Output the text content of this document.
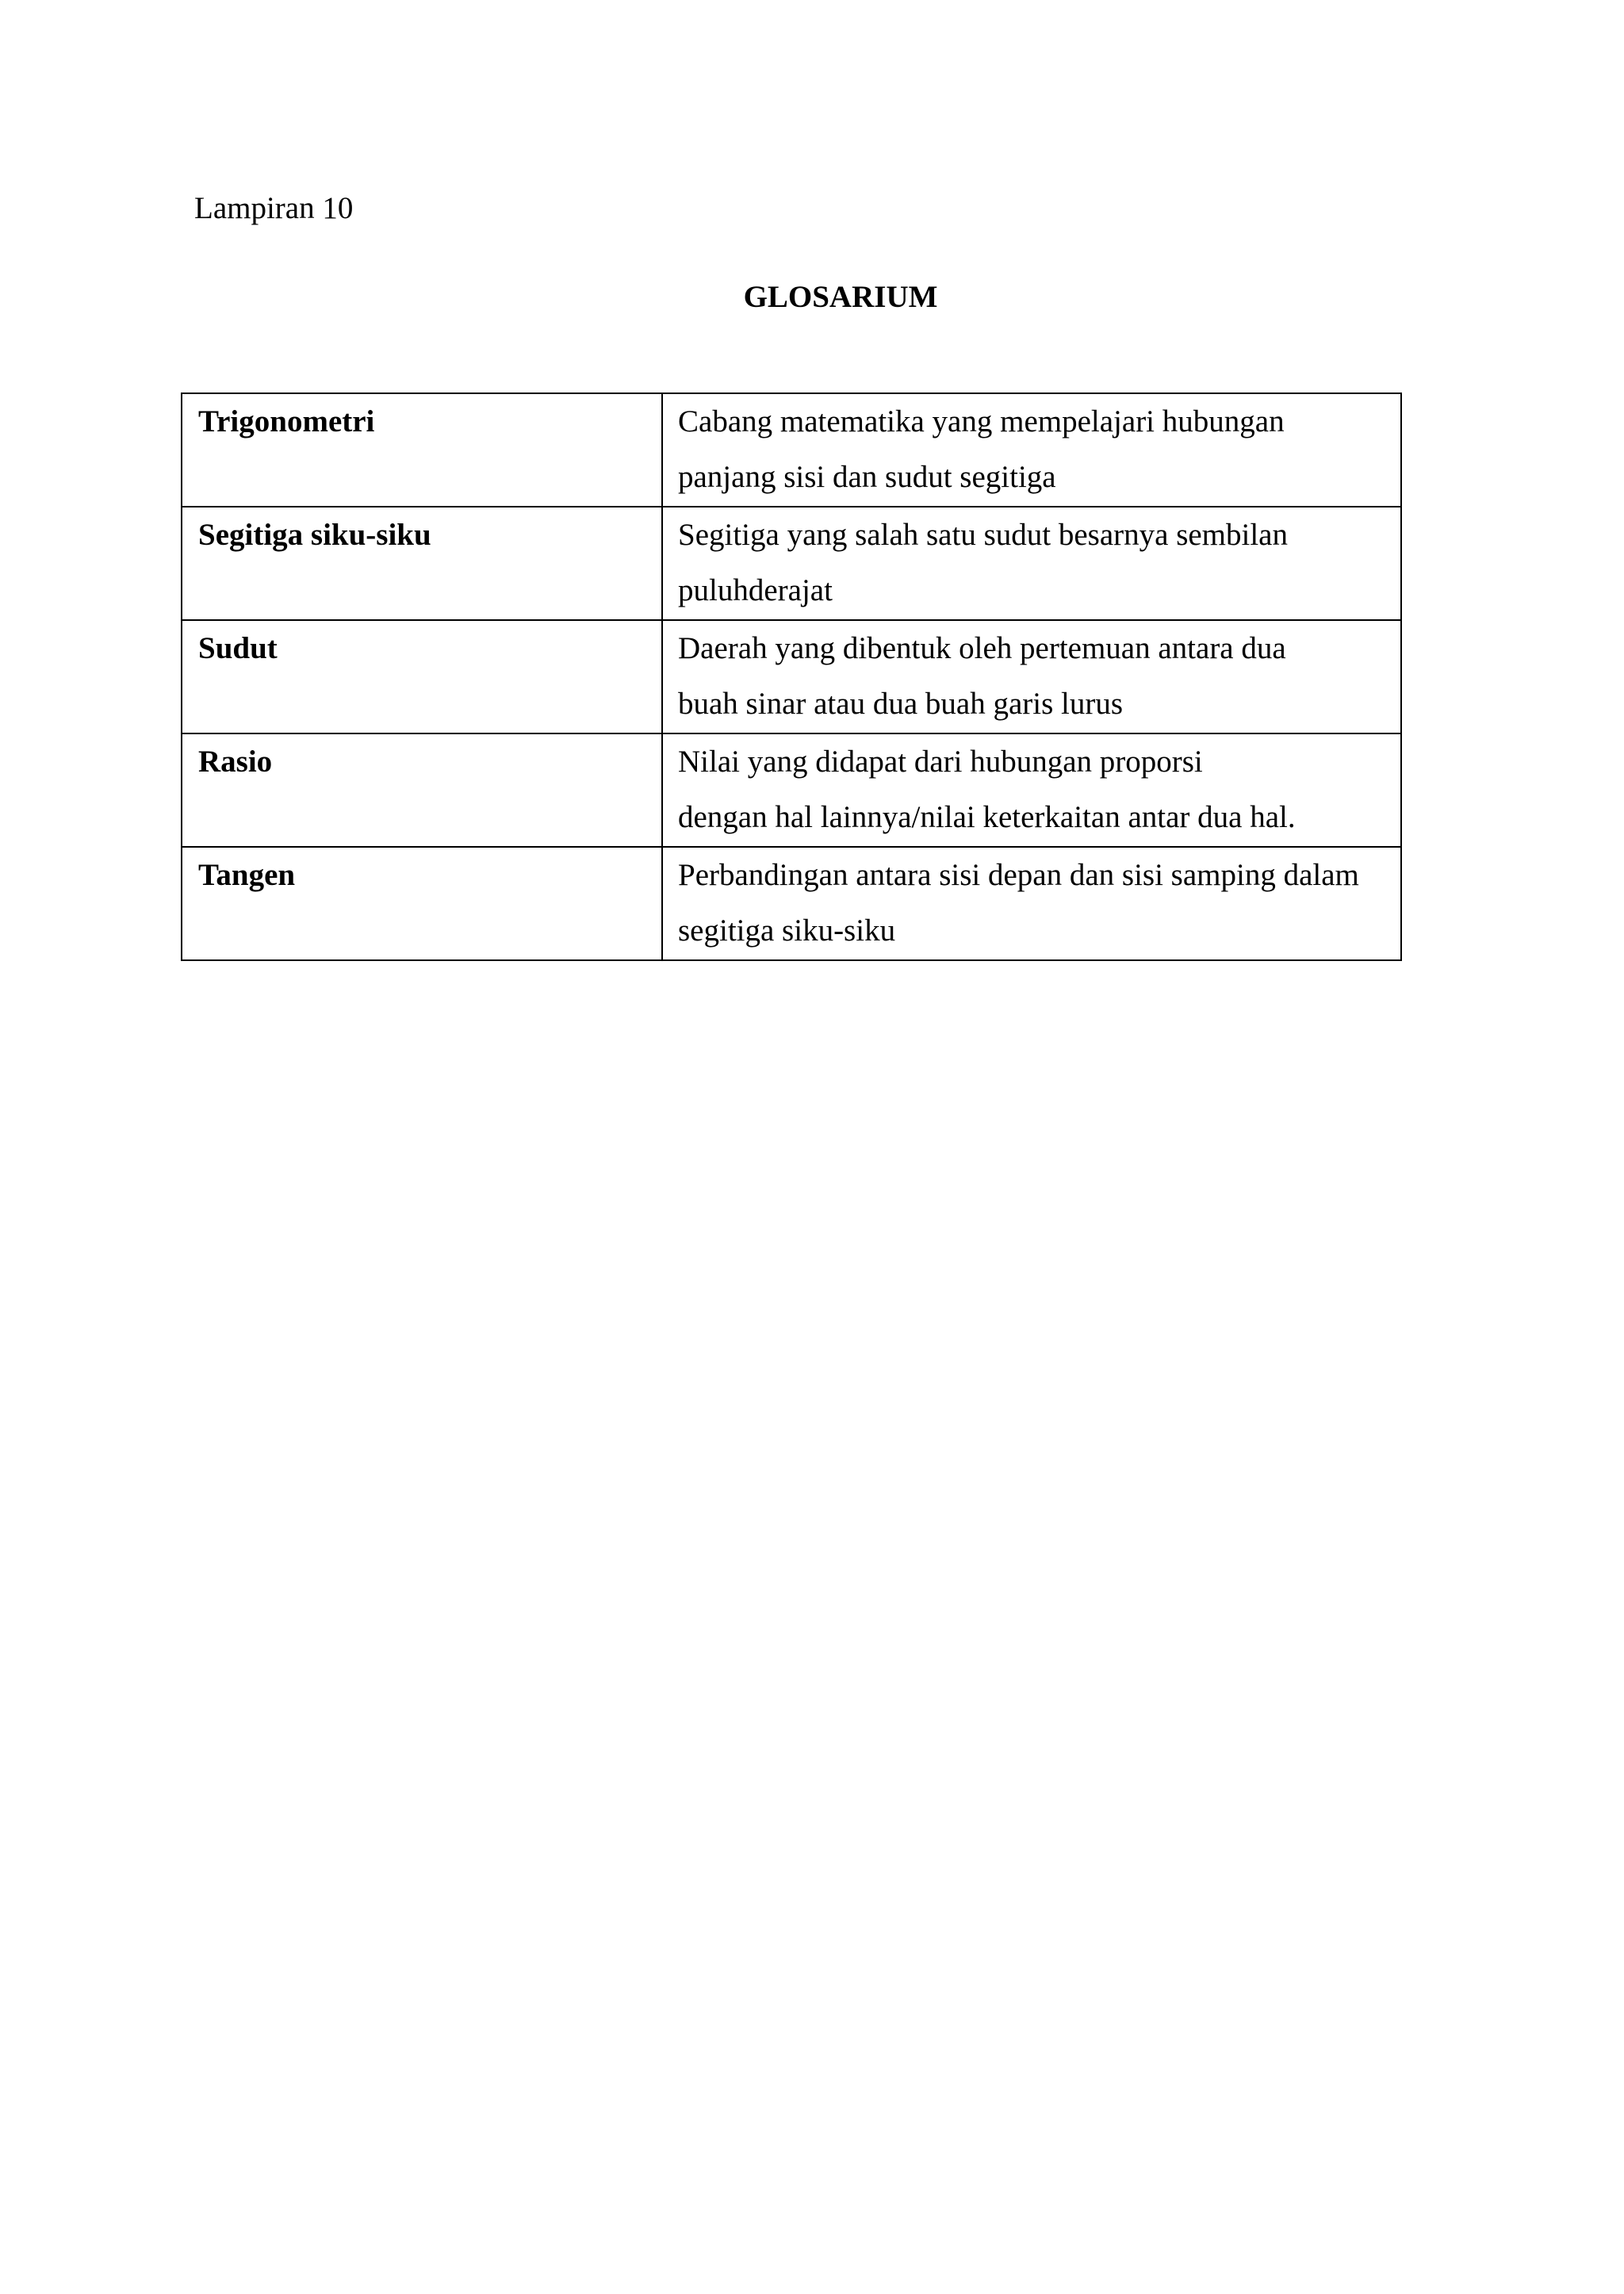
Lampiran 10
GLOSARIUM
Trigonometri	Cabang matematika yang mempelajari hubungan
panjang sisi dan sudut segitiga

Segitiga siku-siku	Segitiga yang salah satu sudut besarnya sembilan
puluhderajat

Sudut	Daerah yang dibentuk oleh pertemuan antara dua
buah sinar atau dua buah garis lurus

Rasio	Nilai yang didapat dari hubungan proporsi
dengan hal lainnya/nilai keterkaitan antar dua hal.

Tangen	Perbandingan antara sisi depan dan sisi samping dalam
segitiga siku-siku
